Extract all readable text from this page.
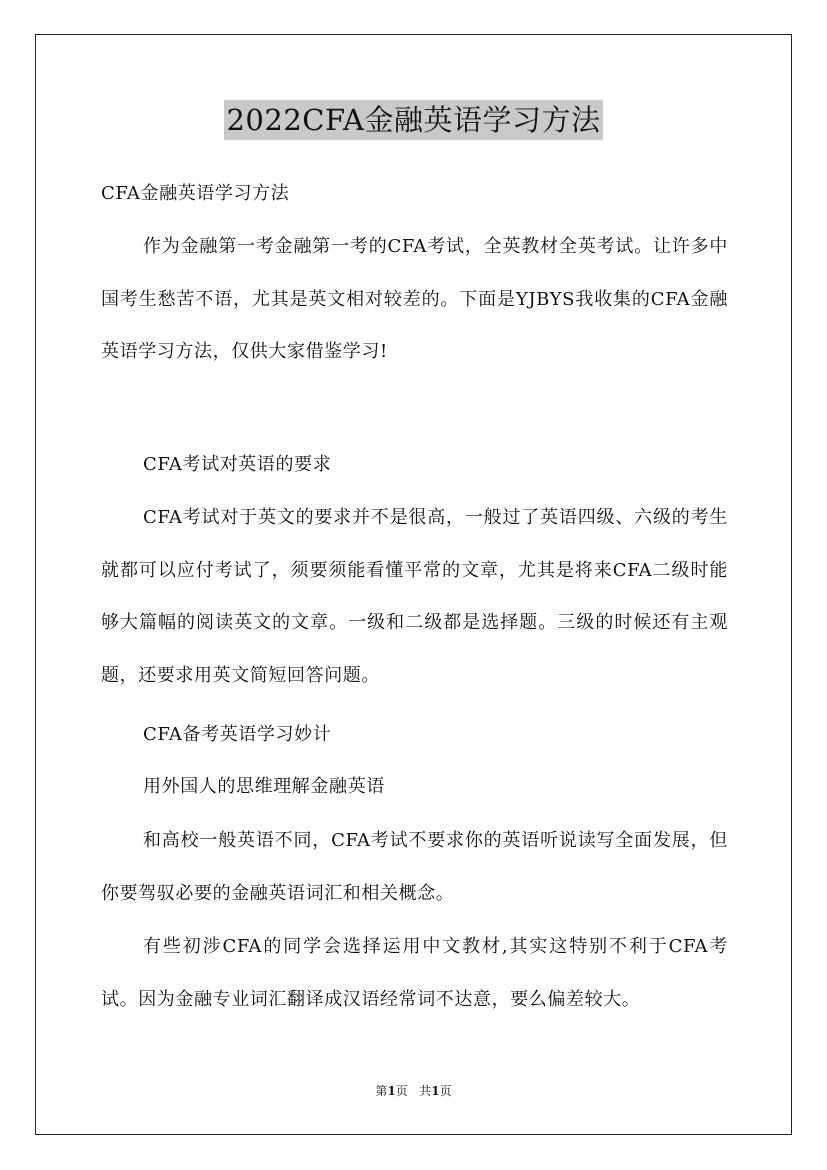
2022CFA金融英语学习方法

CFA金融英语学习方法

作为金融第一考金融第一考的CFA考试，全英教材全英考试。让许多中国考生愁苦不语，尤其是英文相对较差的。下面是YJBYS我收集的CFA金融英语学习方法，仅供大家借鉴学习!

CFA考试对英语的要求

CFA考试对于英文的要求并不是很高，一般过了英语四级、六级的考生就都可以应付考试了，须要须能看懂平常的文章，尤其是将来CFA二级时能够大篇幅的阅读英文的文章。一级和二级都是选择题。三级的时候还有主观题，还要求用英文简短回答问题。

CFA备考英语学习妙计

用外国人的思维理解金融英语

和高校一般英语不同，CFA考试不要求你的英语听说读写全面发展，但你要驾驭必要的金融英语词汇和相关概念。

有些初涉CFA的同学会选择运用中文教材,其实这特别不利于CFA考试。因为金融专业词汇翻译成汉语经常词不达意，要么偏差较大。

第1页 共1页
